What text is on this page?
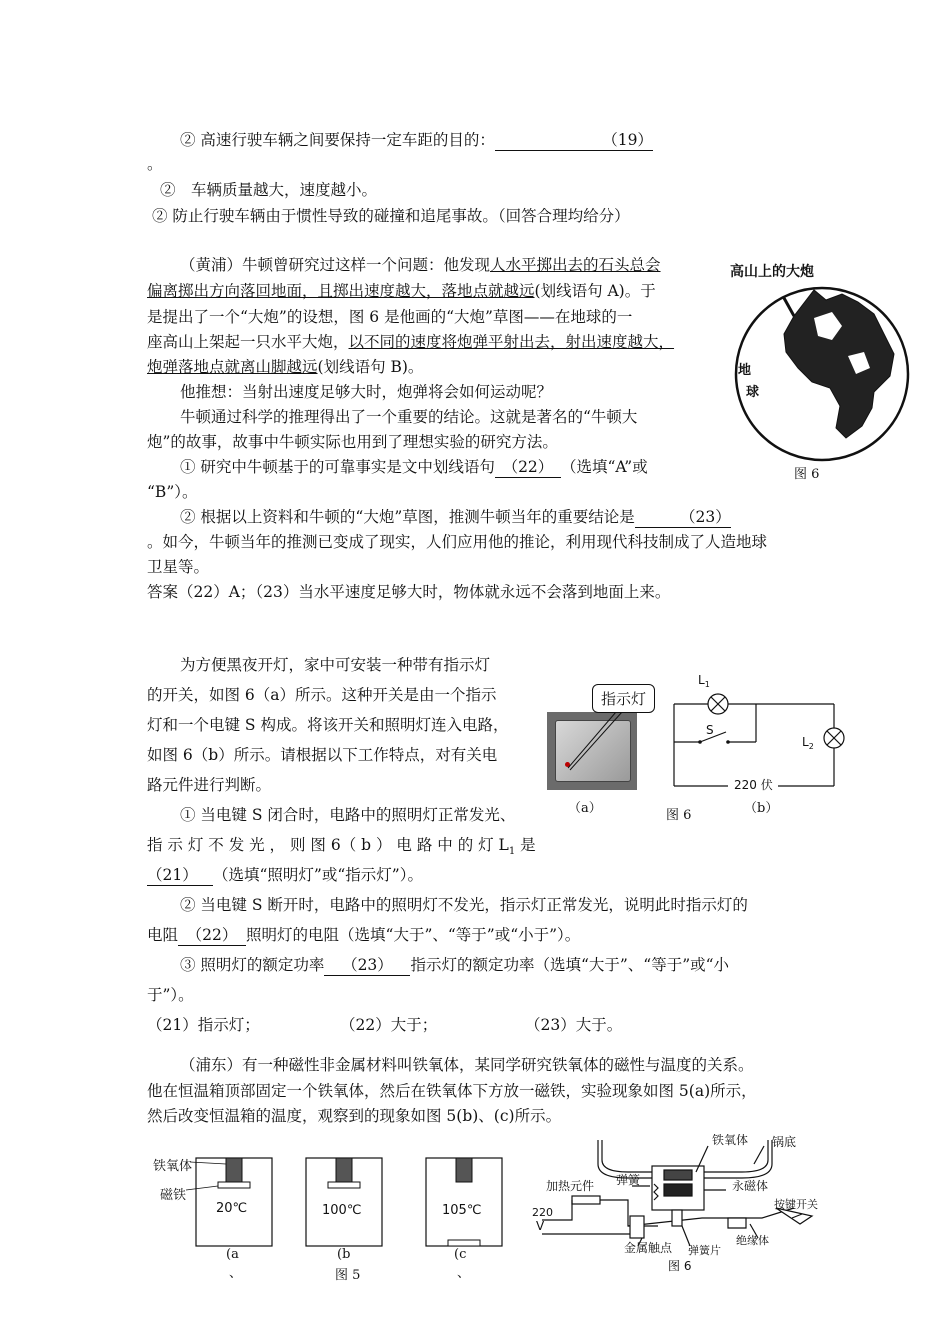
② 高速行驶车辆之间要保持一定车距的目的：	（19）
。
②　车辆质量越大，速度越小。
② 防止行驶车辆由于惯性导致的碰撞和追尾事故。（回答合理均给分）
（黄浦）牛顿曾研究过这样一个问题：他发现人水平掷出去的石头总会
偏离掷出方向落回地面，且掷出速度越大，落地点就越远(划线语句 A)。于
是提出了一个“大炮”的设想，图 6 是他画的“大炮”草图——在地球的一
座高山上架起一只水平大炮，以不同的速度将炮弹平射出去，射出速度越大，
炮弹落地点就离山脚越远(划线语句 B)。
他推想：当射出速度足够大时，炮弹将会如何运动呢？
牛顿通过科学的推理得出了一个重要的结论。这就是著名的“牛顿大
炮”的故事，故事中牛顿实际也用到了理想实验的研究方法。
① 研究中牛顿基于的可靠事实是文中划线语句 （22） （选填“A”或
“B”）。
② 根据以上资料和牛顿的“大炮”草图，推测牛顿当年的重要结论是	（23）
。如今，牛顿当年的推测已变成了现实，人们应用他的推论，利用现代科技制成了人造地球
卫星等。
答案（22）A；（23）当水平速度足够大时，物体就永远不会落到地面上来。
高山上的大炮
地
球
图 6
为方便黑夜开灯，家中可安装一种带有指示灯
的开关，如图 6（a）所示。这种开关是由一个指示
灯和一个电键 S 构成。将该开关和照明灯连入电路，
如图 6（b）所示。请根据以下工作特点，对有关电
路元件进行判断。
① 当电键 S 闭合时，电路中的照明灯正常发光、
指 示 灯 不 发 光 ， 则 图 6（ b ） 电 路 中 的 灯 $L_1$ 是
（21） （选填“照明灯”或“指示灯”）。
② 当电键 S 断开时，电路中的照明灯不发光，指示灯正常发光，说明此时指示灯的
电阻 （22） 照明灯的电阻（选填“大于”、“等于”或“小于”）。
③ 照明灯的额定功率 （23） 指示灯的额定功率（选填“大于”、“等于”或“小
于”）。
（21）指示灯；	（22）大于；	（23）大于。
指示灯
（a）	图 6
$L_1$
$L_2$
S
220 伏
（b）
（浦东）有一种磁性非金属材料叫铁氧体，某同学研究铁氧体的磁性与温度的关系。
他在恒温箱顶部固定一个铁氧体，然后在铁氧体下方放一磁铁，实验现象如图 5(a)所示，
然后改变恒温箱的温度，观察到的现象如图 5(b)、(c)所示。
20℃	100℃	105℃
铁氧体
磁铁
(a
、
(b
图 5
(c
、
铁氧体 锅底
弹簧	永磁体
加热元件
220
V
按键开关
金属触点 弹簧片
绝缘体
图 6
